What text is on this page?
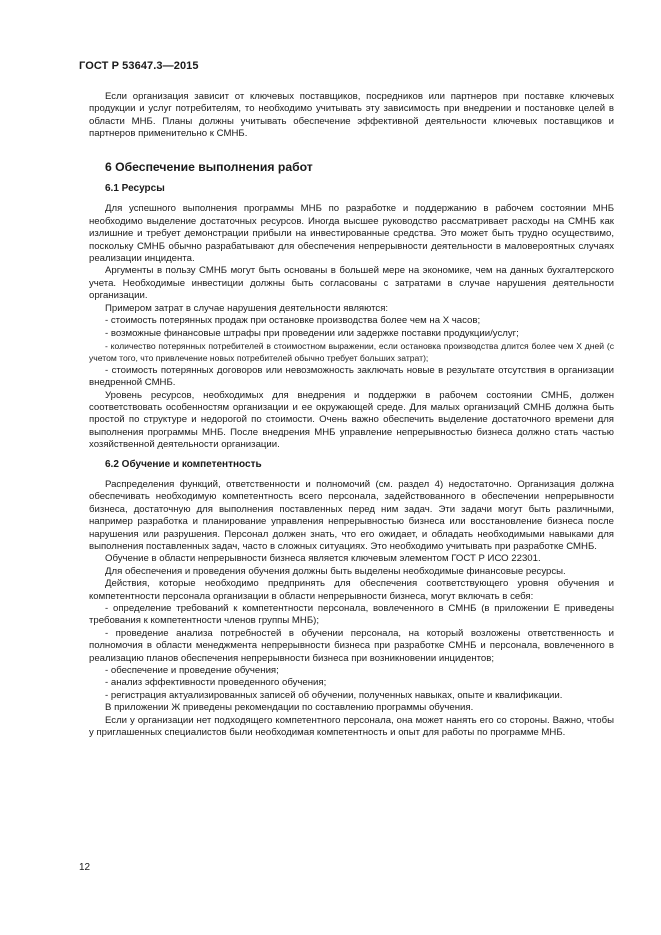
ГОСТ Р 53647.3—2015

Если организация зависит от ключевых поставщиков, посредников или партнеров при поставке ключевых продукции и услуг потребителям, то необходимо учитывать эту зависимость при внедрении и постановке целей в области МНБ. Планы должны учитывать обеспечение эффективной деятельности ключевых поставщиков и партнеров применительно к СМНБ.

6 Обеспечение выполнения работ
6.1 Ресурсы

Для успешного выполнения программы МНБ по разработке и поддержанию в рабочем состоянии МНБ необходимо выделение достаточных ресурсов. Иногда высшее руководство рассматривает расходы на СМНБ как излишние и требует демонстрации прибыли на инвестированные средства. Это может быть трудно осуществимо, поскольку СМНБ обычно разрабатывают для обеспечения непрерывности деятельности в маловероятных случаях реализации инцидента.

Аргументы в пользу СМНБ могут быть основаны в большей мере на экономике, чем на данных бухгалтерского учета. Необходимые инвестиции должны быть согласованы с затратами в случае нарушения деятельности организации.

Примером затрат в случае нарушения деятельности являются:

- стоимость потерянных продаж при остановке производства более чем на X часов;

- возможные финансовые штрафы при проведении или задержке поставки продукции/услуг;

- количество потерянных потребителей в стоимостном выражении, если остановка производства длится более чем X дней (с учетом того, что привлечение новых потребителей обычно требует больших затрат);

- стоимость потерянных договоров или невозможность заключать новые в результате отсутствия в организации внедренной СМНБ.

Уровень ресурсов, необходимых для внедрения и поддержки в рабочем состоянии СМНБ, должен соответствовать особенностям организации и ее окружающей среде. Для малых организаций СМНБ должна быть простой по структуре и недорогой по стоимости. Очень важно обеспечить выделение достаточного времени для выполнения программы МНБ. После внедрения МНБ управление непрерывностью бизнеса должно стать частью хозяйственной деятельности организации.

6.2 Обучение и компетентность

Распределения функций, ответственности и полномочий (см. раздел 4) недостаточно. Организация должна обеспечивать необходимую компетентность всего персонала, задействованного в обеспечении непрерывности бизнеса, достаточную для выполнения поставленных перед ним задач. Эти задачи могут быть различными, например разработка и планирование управления непрерывностью бизнеса или восстановление бизнеса после нарушения или разрушения. Персонал должен знать, что его ожидает, и обладать необходимыми навыками для выполнения поставленных задач, часто в сложных ситуациях. Это необходимо учитывать при разработке СМНБ.

Обучение в области непрерывности бизнеса является ключевым элементом ГОСТ Р ИСО 22301.

Для обеспечения и проведения обучения должны быть выделены необходимые финансовые ресурсы.

Действия, которые необходимо предпринять для обеспечения соответствующего уровня обучения и компетентности персонала организации в области непрерывности бизнеса, могут включать в себя:

- определение требований к компетентности персонала, вовлеченного в СМНБ (в приложении Е приведены требования к компетентности членов группы МНБ);

- проведение анализа потребностей в обучении персонала, на который возложены ответственность и полномочия в области менеджмента непрерывности бизнеса при разработке СМНБ и персонала, вовлеченного в реализацию планов обеспечения непрерывности бизнеса при возникновении инцидентов;

- обеспечение и проведение обучения;

- анализ эффективности проведенного обучения;

- регистрация актуализированных записей об обучении, полученных навыках, опыте и квалификации.

В приложении Ж приведены рекомендации по составлению программы обучения.

Если у организации нет подходящего компетентного персонала, она может нанять его со стороны. Важно, чтобы у приглашенных специалистов были необходимая компетентность и опыт для работы по программе МНБ.

12
